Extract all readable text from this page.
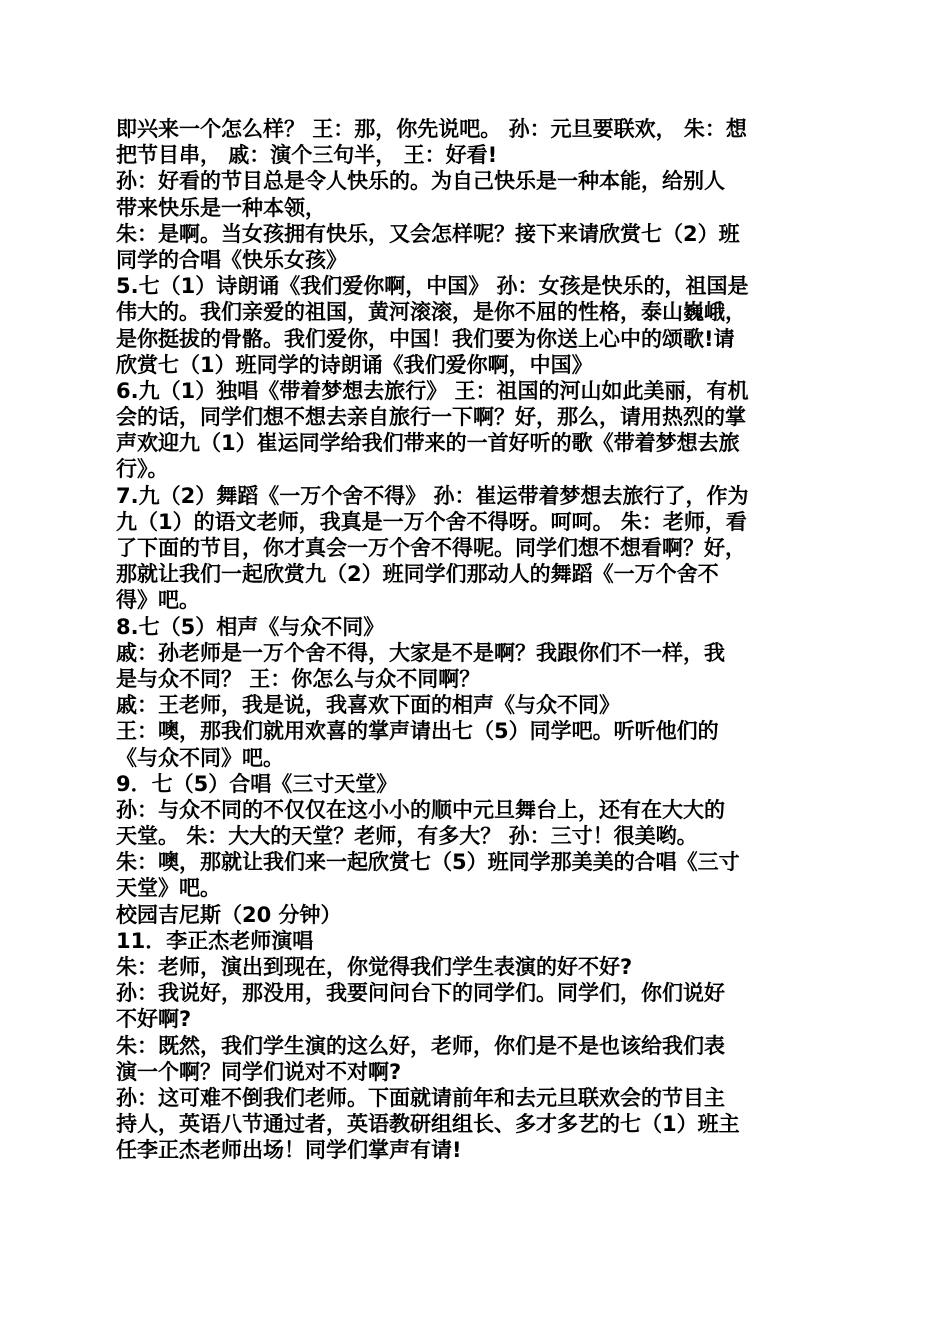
即兴来一个怎么样？ 王：那，你先说吧。 孙：元旦要联欢， 朱：想
把节目串， 戚：演个三句半， 王：好看!
孙：好看的节目总是令人快乐的。为自己快乐是一种本能，给别人
带来快乐是一种本领，
朱：是啊。当女孩拥有快乐，又会怎样呢？接下来请欣赏七（2）班
同学的合唱《快乐女孩》
5.七（1）诗朗诵《我们爱你啊，中国》 孙：女孩是快乐的，祖国是
伟大的。我们亲爱的祖国，黄河滚滚，是你不屈的性格，泰山巍峨，
是你挺拔的骨骼。我们爱你，中国！我们要为你送上心中的颂歌!请
欣赏七（1）班同学的诗朗诵《我们爱你啊，中国》
6.九（1）独唱《带着梦想去旅行》 王：祖国的河山如此美丽，有机
会的话，同学们想不想去亲自旅行一下啊？好，那么，请用热烈的掌
声欢迎九（1）崔运同学给我们带来的一首好听的歌《带着梦想去旅
行》。
7.九（2）舞蹈《一万个舍不得》 孙：崔运带着梦想去旅行了，作为
九（1）的语文老师，我真是一万个舍不得呀。呵呵。 朱：老师，看
了下面的节目，你才真会一万个舍不得呢。同学们想不想看啊？好，
那就让我们一起欣赏九（2）班同学们那动人的舞蹈《一万个舍不
得》吧。
8.七（5）相声《与众不同》
戚：孙老师是一万个舍不得，大家是不是啊？我跟你们不一样，我
是与众不同？ 王：你怎么与众不同啊？
戚：王老师，我是说，我喜欢下面的相声《与众不同》
王：噢，那我们就用欢喜的掌声请出七（5）同学吧。听听他们的
《与众不同》吧。
9．七（5）合唱《三寸天堂》
孙：与众不同的不仅仅在这小小的顺中元旦舞台上，还有在大大的
天堂。 朱：大大的天堂？老师，有多大？ 孙：三寸！很美哟。
朱：噢，那就让我们来一起欣赏七（5）班同学那美美的合唱《三寸
天堂》吧。
校园吉尼斯（20 分钟）
11．李正杰老师演唱
朱：老师，演出到现在，你觉得我们学生表演的好不好?
孙：我说好，那没用，我要问问台下的同学们。同学们，你们说好
不好啊?
朱：既然，我们学生演的这么好，老师，你们是不是也该给我们表
演一个啊？同学们说对不对啊?
孙：这可难不倒我们老师。下面就请前年和去元旦联欢会的节目主
持人，英语八节通过者，英语教研组组长、多才多艺的七（1）班主
任李正杰老师出场！同学们掌声有请!
